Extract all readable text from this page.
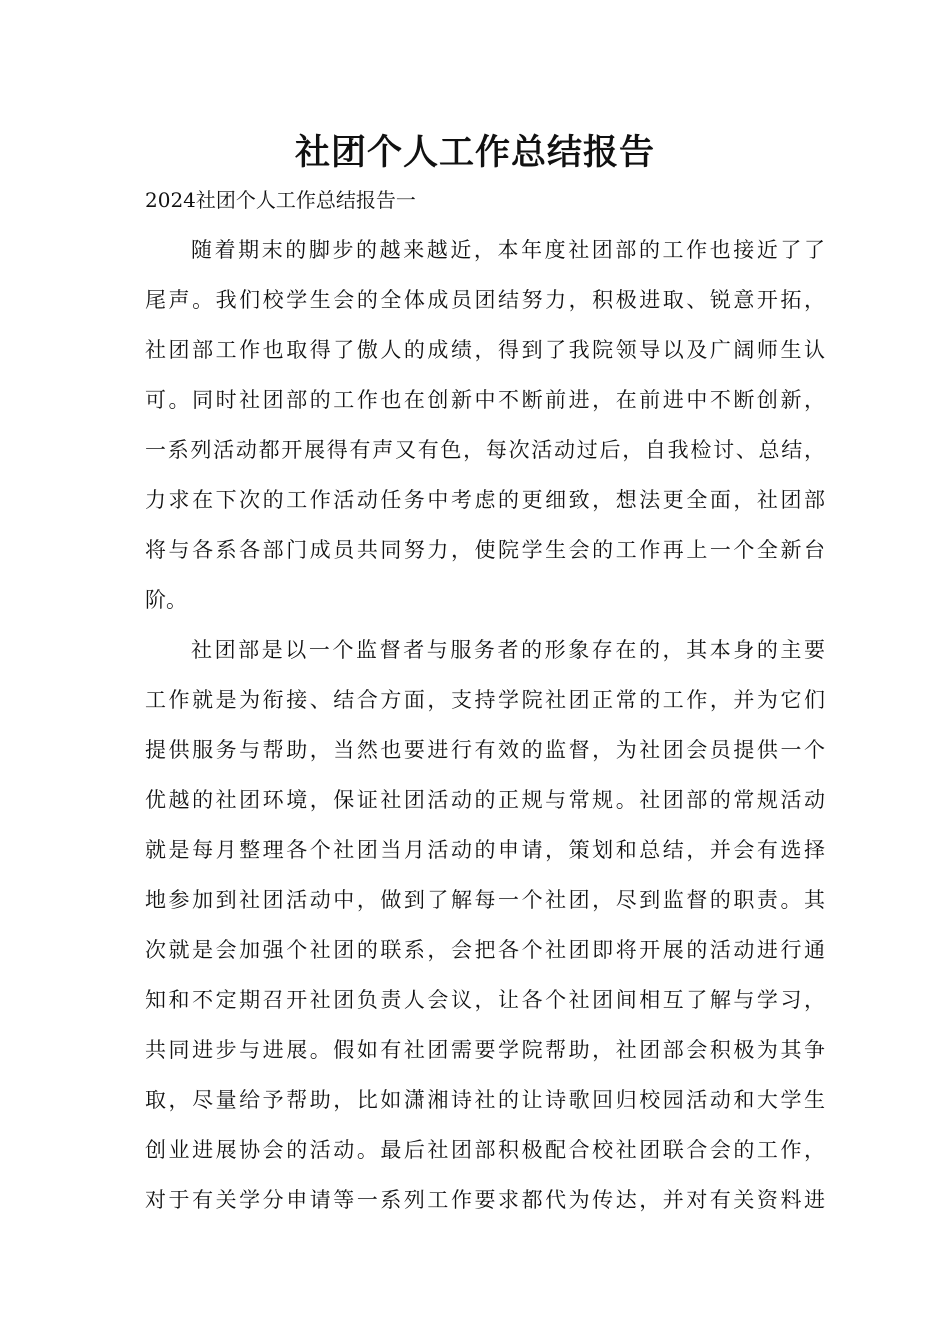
社团个人工作总结报告

2024社团个人工作总结报告一

随着期末的脚步的越来越近，本年度社团部的工作也接近了了
尾声。我们校学生会的全体成员团结努力，积极进取、锐意开拓，
社团部工作也取得了傲人的成绩，得到了我院领导以及广阔师生认
可。同时社团部的工作也在创新中不断前进，在前进中不断创新，
一系列活动都开展得有声又有色，每次活动过后，自我检讨、总结，
力求在下次的工作活动任务中考虑的更细致，想法更全面，社团部
将与各系各部门成员共同努力，使院学生会的工作再上一个全新台
阶。

社团部是以一个监督者与服务者的形象存在的，其本身的主要
工作就是为衔接、结合方面，支持学院社团正常的工作，并为它们
提供服务与帮助，当然也要进行有效的监督，为社团会员提供一个
优越的社团环境，保证社团活动的正规与常规。社团部的常规活动
就是每月整理各个社团当月活动的申请，策划和总结，并会有选择
地参加到社团活动中，做到了解每一个社团，尽到监督的职责。其
次就是会加强个社团的联系，会把各个社团即将开展的活动进行通
知和不定期召开社团负责人会议，让各个社团间相互了解与学习，
共同进步与进展。假如有社团需要学院帮助，社团部会积极为其争
取，尽量给予帮助，比如潇湘诗社的让诗歌回归校园活动和大学生
创业进展协会的活动。最后社团部积极配合校社团联合会的工作，
对于有关学分申请等一系列工作要求都代为传达，并对有关资料进
